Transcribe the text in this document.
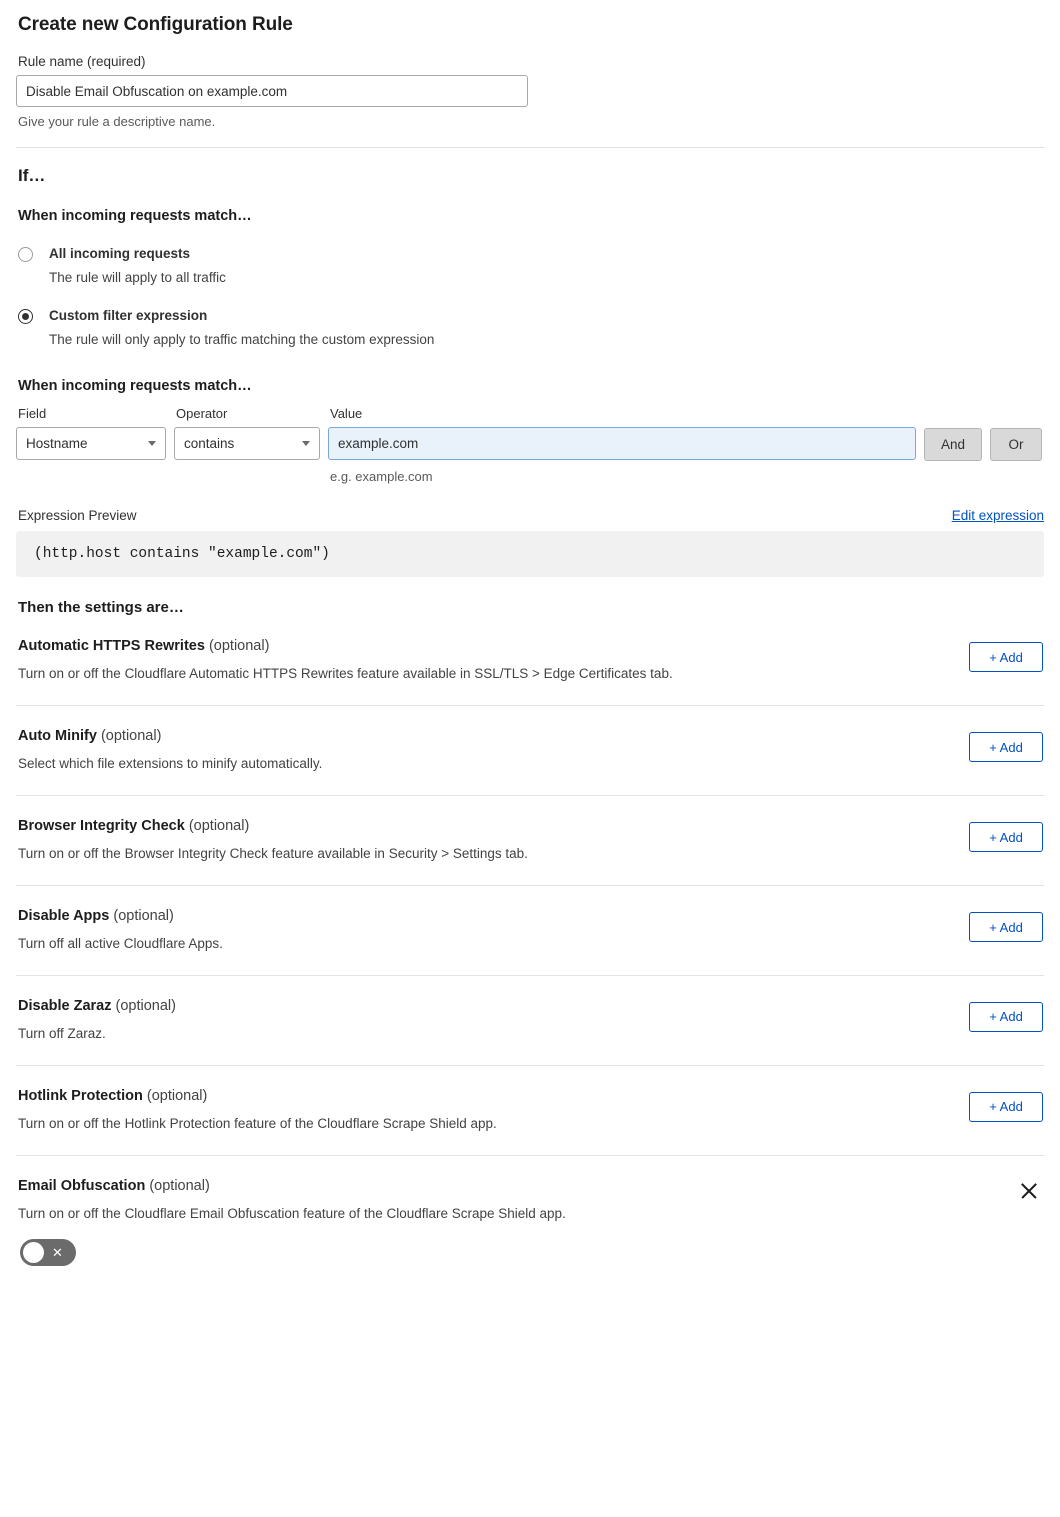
Create new Configuration Rule
Rule name (required)
Disable Email Obfuscation on example.com
Give your rule a descriptive name.
If…
When incoming requests match…
All incoming requests
The rule will apply to all traffic
Custom filter expression
The rule will only apply to traffic matching the custom expression
When incoming requests match…
Field
Hostname
Operator
contains
Value
example.com
e.g. example.com
And	Or
Expression Preview	Edit expression
(http.host contains "example.com")
Then the settings are…
Automatic HTTPS Rewrites (optional)
Turn on or off the Cloudflare Automatic HTTPS Rewrites feature available in SSL/TLS > Edge Certificates tab.
+ Add
Auto Minify (optional)
Select which file extensions to minify automatically.
+ Add
Browser Integrity Check (optional)
Turn on or off the Browser Integrity Check feature available in Security > Settings tab.
+ Add
Disable Apps (optional)
Turn off all active Cloudflare Apps.
+ Add
Disable Zaraz (optional)
Turn off Zaraz.
+ Add
Hotlink Protection (optional)
Turn on or off the Hotlink Protection feature of the Cloudflare Scrape Shield app.
+ Add
Email Obfuscation (optional)
Turn on or off the Cloudflare Email Obfuscation feature of the Cloudflare Scrape Shield app.
✕
